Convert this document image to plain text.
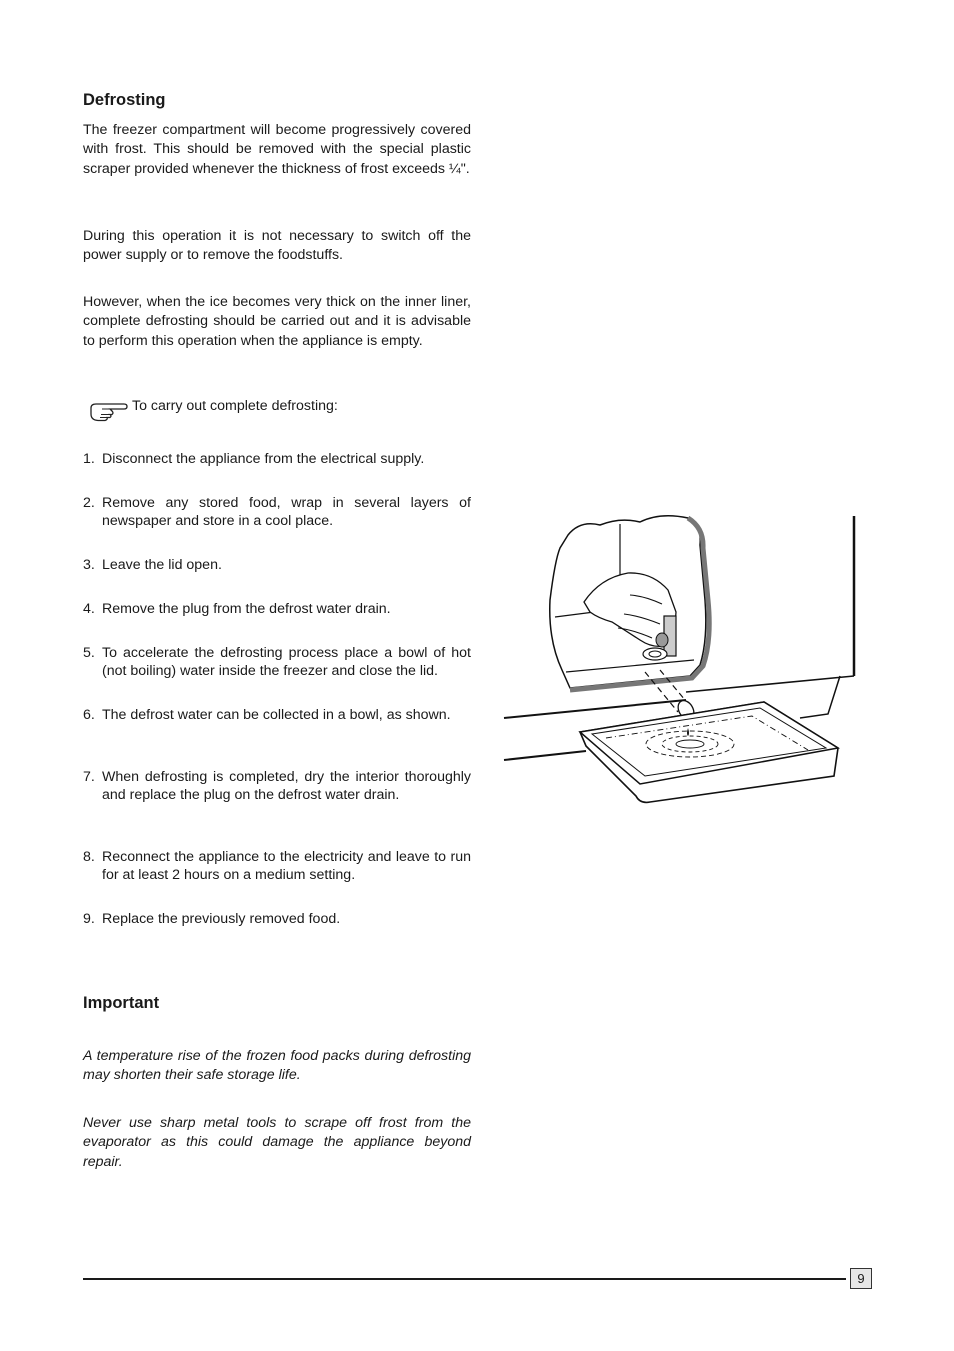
Defrosting

The freezer compartment will become progressively covered with frost. This should be removed with the special plastic scraper provided whenever the thickness of frost exceeds ¼".

During this operation it is not necessary to switch off the power supply or to remove the foodstuffs.

However, when the ice becomes very thick on the inner liner, complete defrosting should be carried out and it is advisable to perform this operation when the appliance is empty.

To carry out complete defrosting:
1. Disconnect the appliance from the electrical supply.
2. Remove any stored food, wrap in several layers of newspaper and store in a cool place.
3. Leave the lid open.
4. Remove the plug from the defrost water drain.
5. To accelerate the defrosting process place a bowl of hot (not boiling) water inside the freezer and close the lid.
6. The defrost water can be collected in a bowl, as shown.
7. When defrosting is completed, dry the interior thoroughly and replace the plug on the defrost water drain.
8. Reconnect the appliance to the electricity and leave to run for at least 2 hours on a medium setting.
9. Replace the previously removed food.
Important

A temperature rise of the frozen food packs during defrosting may shorten their safe storage life.

Never use sharp metal tools to scrape off frost from the evaporator as this could damage the appliance beyond repair.

9
